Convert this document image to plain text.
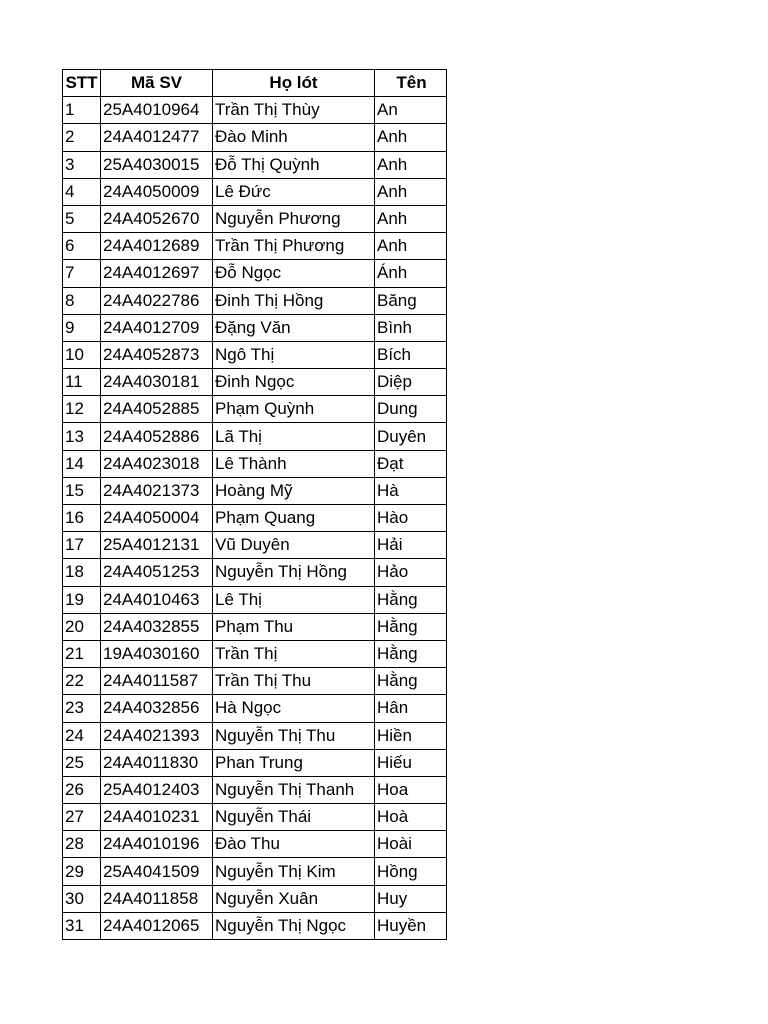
STT	Mã SV	Họ lót	Tên
1	25A4010964	Trần Thị Thùy	An
2	24A4012477	Đào Minh	Anh
3	25A4030015	Đỗ Thị Quỳnh	Anh
4	24A4050009	Lê Đức	Anh
5	24A4052670	Nguyễn Phương	Anh
6	24A4012689	Trần Thị Phương	Anh
7	24A4012697	Đỗ Ngọc	Ánh
8	24A4022786	Đinh Thị Hồng	Băng
9	24A4012709	Đặng Văn	Bình
10	24A4052873	Ngô Thị	Bích
11	24A4030181	Đinh Ngọc	Diệp
12	24A4052885	Phạm Quỳnh	Dung
13	24A4052886	Lã Thị	Duyên
14	24A4023018	Lê Thành	Đạt
15	24A4021373	Hoàng Mỹ	Hà
16	24A4050004	Phạm Quang	Hào
17	25A4012131	Vũ Duyên	Hải
18	24A4051253	Nguyễn Thị Hồng	Hảo
19	24A4010463	Lê Thị	Hằng
20	24A4032855	Phạm Thu	Hằng
21	19A4030160	Trần Thị	Hằng
22	24A4011587	Trần Thị Thu	Hằng
23	24A4032856	Hà Ngọc	Hân
24	24A4021393	Nguyễn Thị Thu	Hiền
25	24A4011830	Phan Trung	Hiếu
26	25A4012403	Nguyễn Thị Thanh	Hoa
27	24A4010231	Nguyễn Thái	Hoà
28	24A4010196	Đào Thu	Hoài
29	25A4041509	Nguyễn Thị Kim	Hồng
30	24A4011858	Nguyễn Xuân	Huy
31	24A4012065	Nguyễn Thị Ngọc	Huyền
